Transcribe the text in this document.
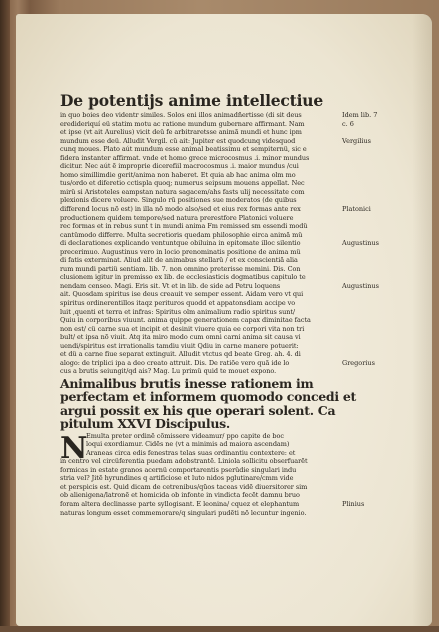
De potentijs anime intellectiue
in quo boies deo videntr similes. Solos eni illos animadñertisse (di sit deus
eredideriquí eü statim motu ac ratione mundum gubernare affirmant. Nam
et ipse (vt ait Aurelius) vicit deü fe arbitraretsse animã mundi et hunc ipm
mundum esse deü. Alludit Vergil. cü ait: Jupiter est quodcunq videsquod
cunq moues. Plato aút mundum esse animal beatissimu et sempiternü, sic e
fidera instanter affirmat. vnde et homo grece microcosmus .i. minor mundus
dicitur. Nec aút ẽ improprie dicerefiil macrocosmus .i. maior mundus /cui
homo simillimdie gerit/anima non haberet. Et quia ab hac anima olm mo
tus/ordo et diferetio cctispla quoq; numerus seipsum mouens appellat. Nec
mirü si Aristoteles eampstan natura sagacem/ahs fasts ulij necessitate com
plexionis dicere voluere. Singulo rū positiones sue moderatos (de quibus
differend locus nõ est) in illa nõ modo also/sed et eius rex formas ante rex
productionem quidem tempore/sed natura prerestfore Platonici voluere
rec formas et in rebus sunt t in mundi anima Fm remissed sm essendi modü
cantümodo differre. Multa secretioris quedam philosophie eirca animã mü
di declarationes explicando ventuntque obiluina in epitomate illoc silentio
precerimuo. Augustinus vero in locio prenominatis positione de anima mü
di fatis exterminat. Aliud alit de animabus stellarü / et ex conscientiã alia
rum mundi partiü sentiam. lib. 7. non omnino preterisse memini. Dis. Con
clusionem igitur in premisso ex lib. de ecclesiasticis dogmatibus capitulo te
nendam censeo. Magi. Eris sit. Vt et in lib. de side ad Petru loquens
ait. Quosdam spiritus ise deus creauit ve semper essent. Aidam vero vt qui
spiritus ordinerentillos itaqz perituros quodd et appatonsdiam accipe vo
luit ,quenti et terra et infras: Spiritus olm animalium radio spiritus sunt/
Quiu in corporibus viuunt. anima quippe generationem capax diminitae facta
non est/ cü carne sua et incipit et desinit viuere quia ee corpori vita non tri
bult/ et ipsa nõ viuit. Atq ita miro modo cum omni carni anima sit causa vi
uendi/spiritus est irrationalis tamdiu viuit Qdiu in carne manere potuerit:
et dü a carne fiue separat extinguit. Alludit vtctus qd beate Greg. ah. 4. di
alogo: de triplici ipa a deo creato attruit. Dis. De ratiõe vero quã ide lo
cus a brutis seiungit/qd ais? Mag. Lu primü quid te mouet expono.
Animalibus brutis inesse rationem im
perfectam et informem quomodo concedi et
argui possit ex his que operari solent. Ca
pitulum XXVI Discipulus.
N
Emulta preter ordinẽ cõmissere videamur/ ppo capite de boc
loqui exordiamur. Cidẽs ne (vt a minimis ad maiora ascendam)
Araneas circa edis fenestras telas suas ordinantiu contextere: et
in centro vel circüferentia puedam adobstrantẽ. Liniola sollicitu obserfuarẽt
formicas in estate granos acernü comportarentis pserüdie singulari indu
stria vel? Jitẽ hyrundines q artificiose et luto nidos pglutinare/cmm vide
et perspicis est. Quid dicam de cetrenibus/qũos taceas vidẽ diuersitorer sim
ob alienigena/latronẽ et homicida ob infonte in vindicta fecẽt damnu bruo
foram altera declinasse parte syllogisant. E leonina/ cquez et elephantum
naturas longum esset commemorare/q singulari pudẽti nõ lecuntur ingenio.
Idem lib. 7
c. 6
Vergilius
Platonici
Augustinus
Augustinus
Gregorius
Plinius
